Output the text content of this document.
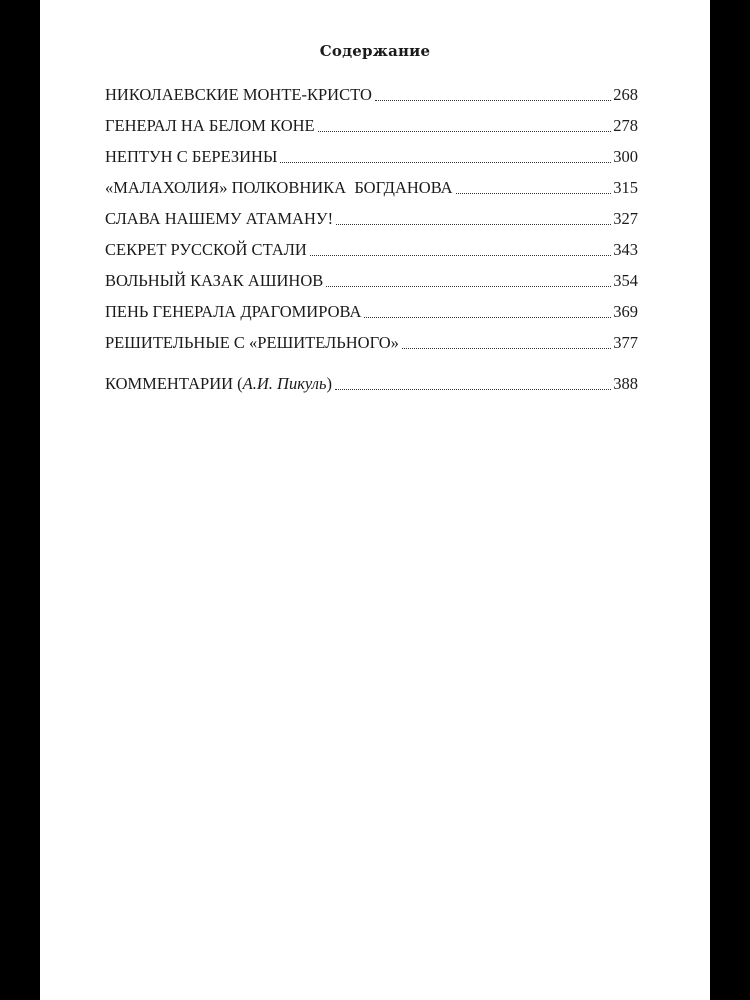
Содержание
НИКОЛАЕВСКИЕ МОНТЕ-КРИСТО	268
ГЕНЕРАЛ НА БЕЛОМ КОНЕ	278
НЕПТУН С БЕРЕЗИНЫ	300
«МАЛАХОЛИЯ» ПОЛКОВНИКА  БОГДАНОВА	315
СЛАВА НАШЕМУ АТАМАНУ!	327
СЕКРЕТ РУССКОЙ СТАЛИ	343
ВОЛЬНЫЙ КАЗАК АШИНОВ	354
ПЕНЬ ГЕНЕРАЛА ДРАГОМИРОВА	369
РЕШИТЕЛЬНЫЕ С «РЕШИТЕЛЬНОГО»	377
КОММЕНТАРИИ (А.И. Пикуль)	388
